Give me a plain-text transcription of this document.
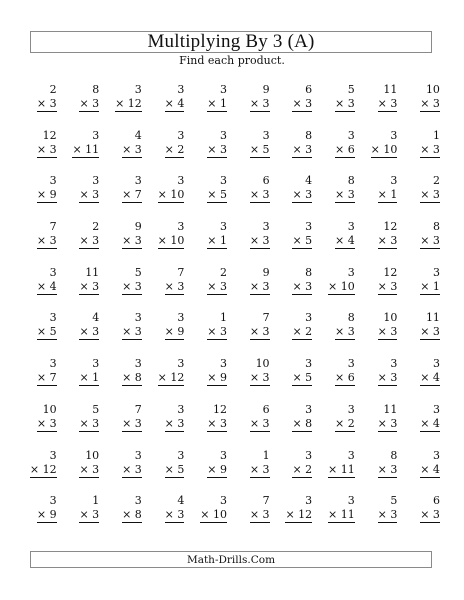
Multiplying By 3 (A)
Find each product.
2
× 3
8
× 3
3
× 12
3
× 4
3
× 1
9
× 3
6
× 3
5
× 3
11
× 3
10
× 3
12
× 3
3
× 11
4
× 3
3
× 2
3
× 3
3
× 5
8
× 3
3
× 6
3
× 10
1
× 3
3
× 9
3
× 3
3
× 7
3
× 10
3
× 5
6
× 3
4
× 3
8
× 3
3
× 1
2
× 3
7
× 3
2
× 3
9
× 3
3
× 10
3
× 1
3
× 3
3
× 5
3
× 4
12
× 3
8
× 3
3
× 4
11
× 3
5
× 3
7
× 3
2
× 3
9
× 3
8
× 3
3
× 10
12
× 3
3
× 1
3
× 5
4
× 3
3
× 3
3
× 9
1
× 3
7
× 3
3
× 2
8
× 3
10
× 3
11
× 3
3
× 7
3
× 1
3
× 8
3
× 12
3
× 9
10
× 3
3
× 5
3
× 6
3
× 3
3
× 4
10
× 3
5
× 3
7
× 3
3
× 3
12
× 3
6
× 3
3
× 8
3
× 2
11
× 3
3
× 4
3
× 12
10
× 3
3
× 3
3
× 5
3
× 9
1
× 3
3
× 2
3
× 11
8
× 3
3
× 4
3
× 9
1
× 3
3
× 8
4
× 3
3
× 10
7
× 3
3
× 12
3
× 11
5
× 3
6
× 3
Math-Drills.Com
